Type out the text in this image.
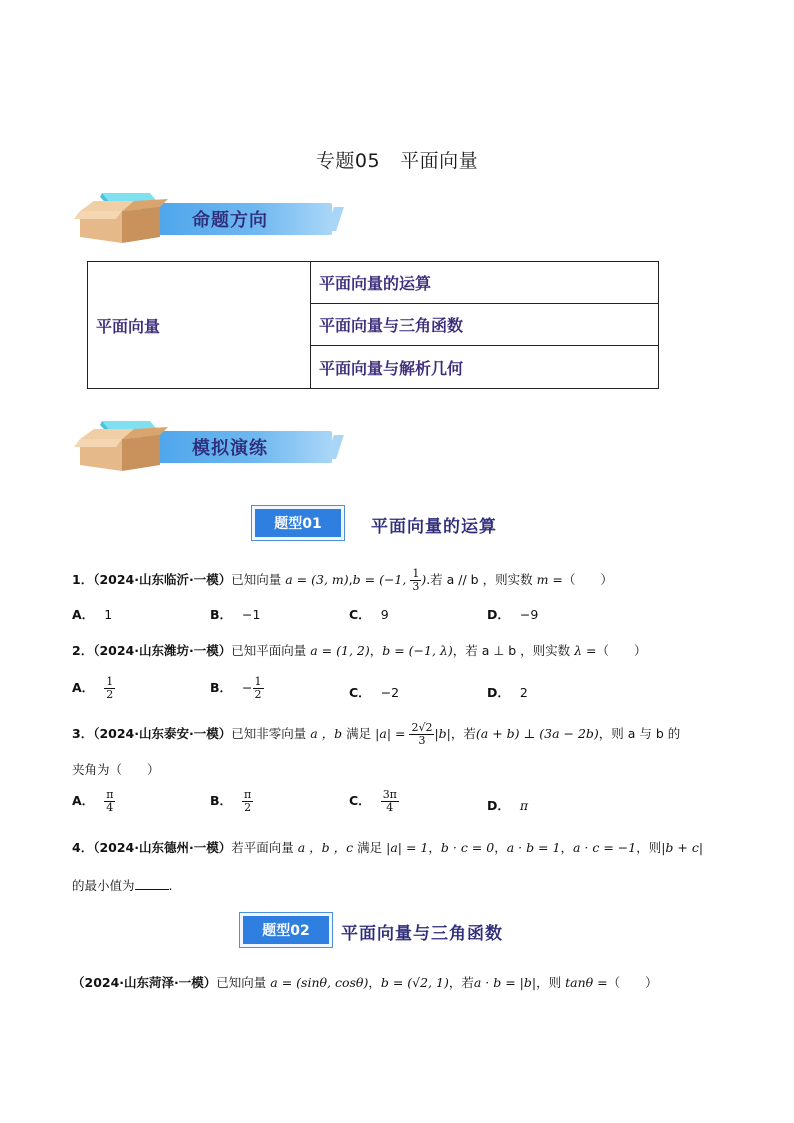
专题05 平面向量
命题方向
平面向量	平面向量的运算
平面向量与三角函数
平面向量与解析几何
模拟演练
题型01	平面向量的运算
1．（2024·山东临沂·一模）已知向量 a = (3, m),b = (−1, $\frac{1}{3}$ ).若 a // b ，则实数 m =（　　）
A． 1	B． −1	C． 9	D． −9
2．（2024·山东潍坊·一模）已知平面向量 a = (1, 2)，b = (−1, λ)，若 a ⊥ b ，则实数 λ =（　　）
A． $\frac{1}{2}$	B． − $\frac{1}{2}$	C． −2	D． 2
3．（2024·山东泰安·一模）已知非零向量 a ，b 满足 $|a| = \frac{2√2}{3} |b|$，若(a + b) ⊥ (3a − 2b)，则 a 与 b 的
夹角为（　　）
A． $\frac{\pi}{4}$	B． $\frac{\pi}{2}$	C． $\frac{3\pi}{4}$	D． π
4．（2024·山东德州·一模）若平面向量 a ，b ，c 满足 |a| = 1，b · c = 0，a · b = 1，a · c = −1，则|b + c|
的最小值为	.
题型02	平面向量与三角函数
（2024·山东菏泽·一模）已知向量 a = (sinθ, cosθ)，b = (√2, 1)，若a · b = |b|，则 tanθ =（　　）
